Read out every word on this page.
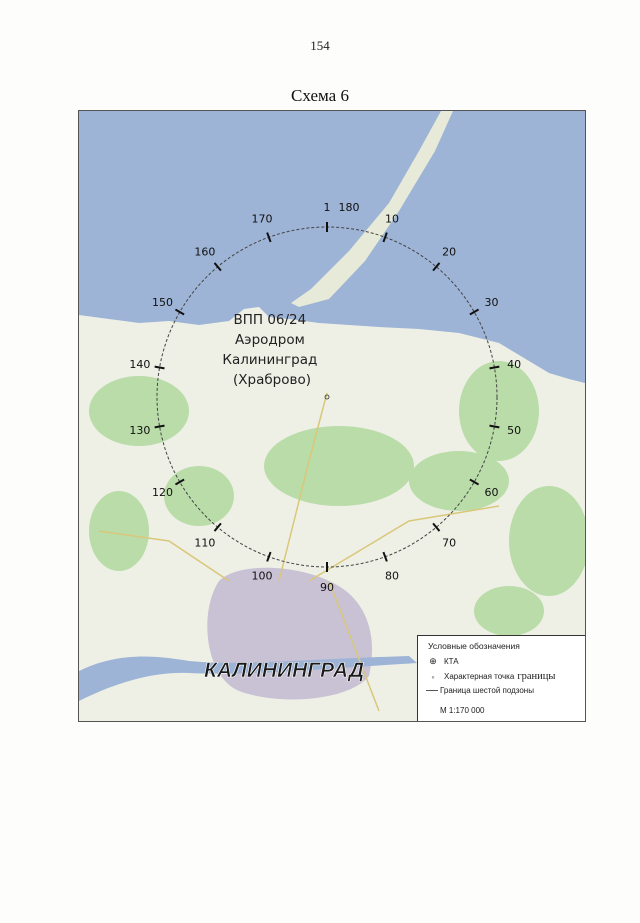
154
Схема 6
1
10
20
30
40
50
60
70
80
90
100
110
120
130
140
150
160
170
180
ВПП 06/24 Аэродром Калининград (Храброво)
КАЛИНИНГРАД
Условные обозначения
⊕ КТА
◦	Характерная точка границы
Граница шестой подзоны
М 1:170 000
